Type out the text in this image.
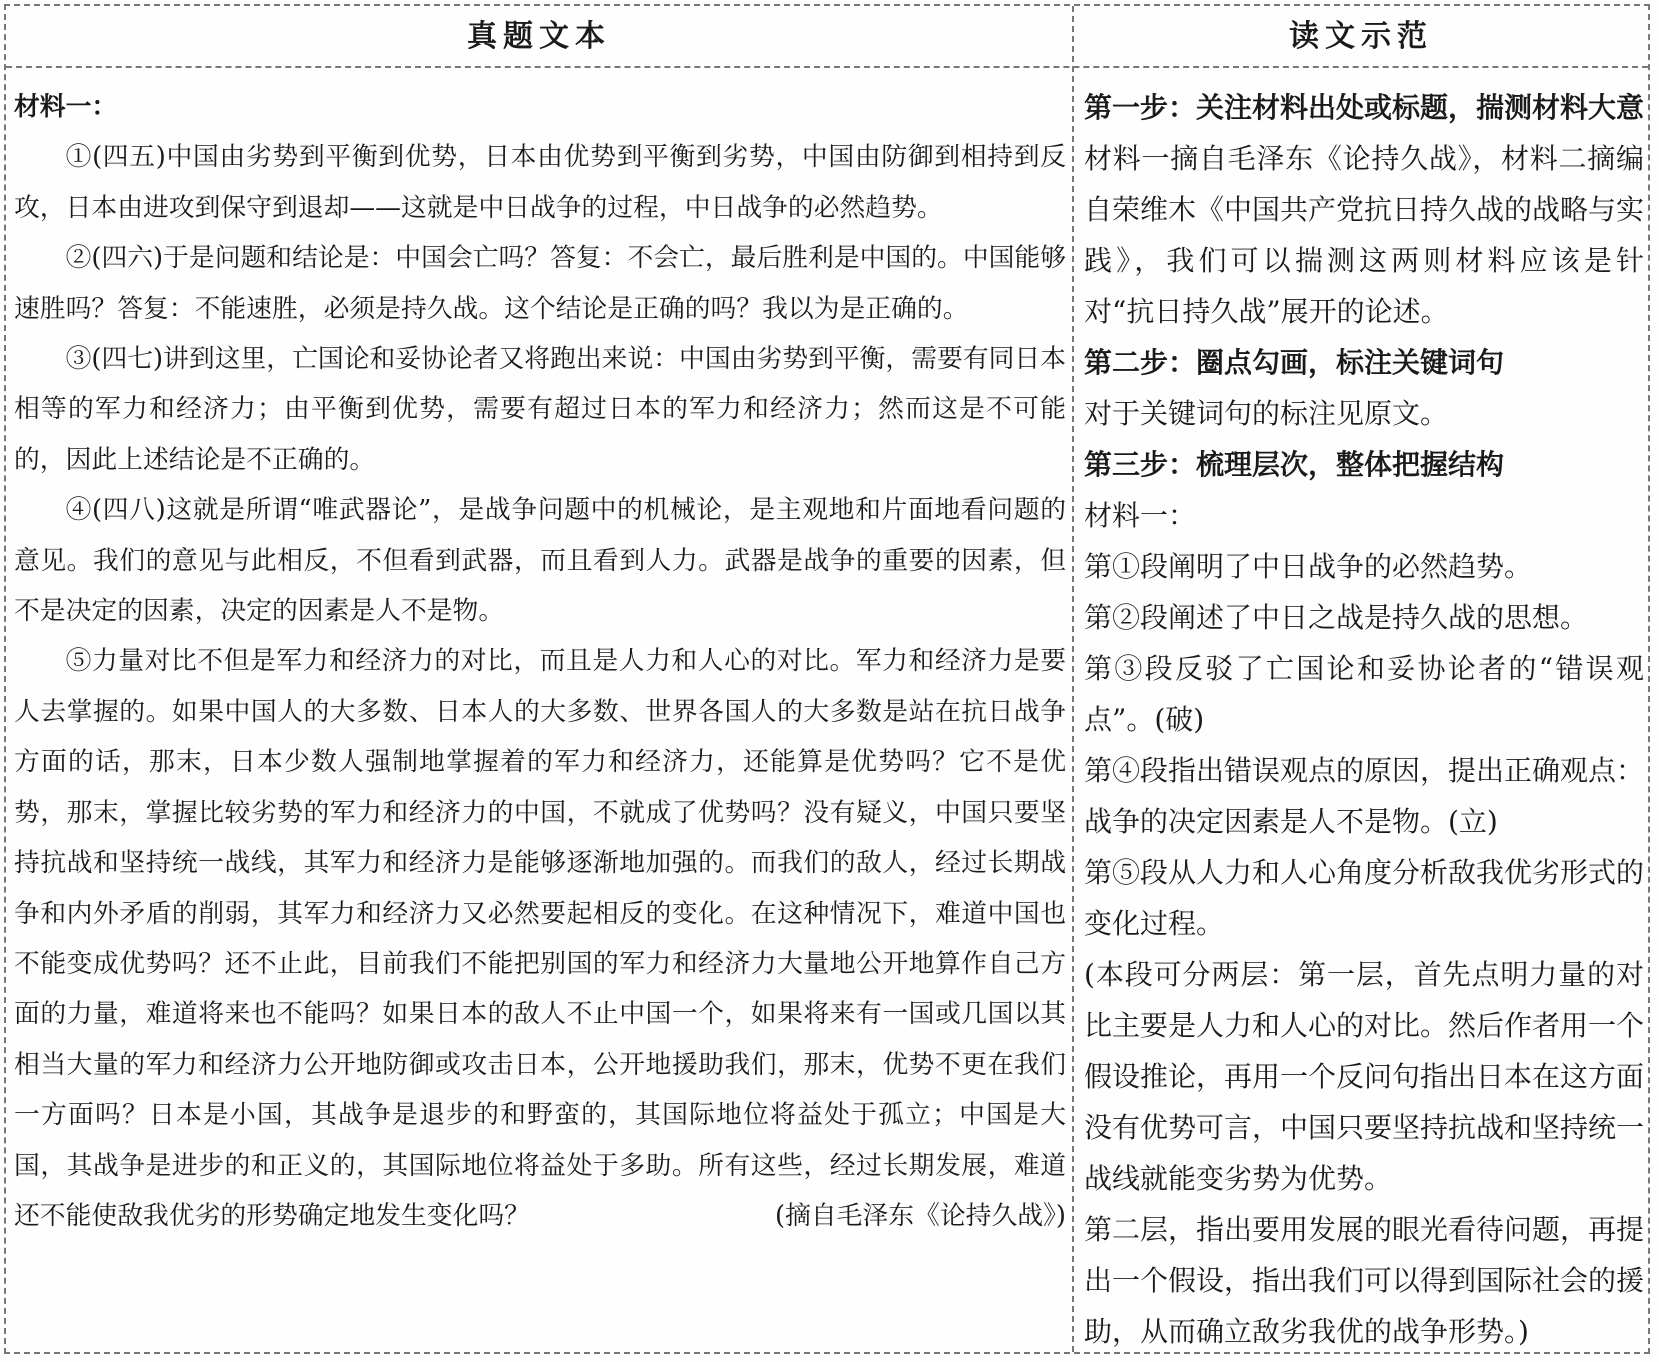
真题文本	读文示范

材料一：

①(四五)中国由劣势到平衡到优势，日本由优势到平衡到劣势，中国由防御到相持到反攻，日本由进攻到保守到退却——这就是中日战争的过程，中日战争的必然趋势。

②(四六)于是问题和结论是：中国会亡吗？答复：不会亡，最后胜利是中国的。中国能够速胜吗？答复：不能速胜，必须是持久战。这个结论是正确的吗？我以为是正确的。

③(四七)讲到这里，亡国论和妥协论者又将跑出来说：中国由劣势到平衡，需要有同日本相等的军力和经济力；由平衡到优势，需要有超过日本的军力和经济力；然而这是不可能的，因此上述结论是不正确的。

④(四八)这就是所谓“唯武器论”，是战争问题中的机械论，是主观地和片面地看问题的意见。我们的意见与此相反，不但看到武器，而且看到人力。武器是战争的重要的因素，但不是决定的因素，决定的因素是人不是物。

⑤力量对比不但是军力和经济力的对比，而且是人力和人心的对比。军力和经济力是要人去掌握的。如果中国人的大多数、日本人的大多数、世界各国人的大多数是站在抗日战争方面的话，那末，日本少数人强制地掌握着的军力和经济力，还能算是优势吗？它不是优势，那末，掌握比较劣势的军力和经济力的中国，不就成了优势吗？没有疑义，中国只要坚持抗战和坚持统一战线，其军力和经济力是能够逐渐地加强的。而我们的敌人，经过长期战争和内外矛盾的削弱，其军力和经济力又必然要起相反的变化。在这种情况下，难道中国也不能变成优势吗？还不止此，目前我们不能把别国的军力和经济力大量地公开地算作自己方面的力量，难道将来也不能吗？如果日本的敌人不止中国一个，如果将来有一国或几国以其相当大量的军力和经济力公开地防御或攻击日本，公开地援助我们，那末，优势不更在我们一方面吗？日本是小国，其战争是退步的和野蛮的，其国际地位将益处于孤立；中国是大国，其战争是进步的和正义的，其国际地位将益处于多助。所有这些，经过长期发展，难道还不能使敌我优劣的形势确定地发生变化吗？	(摘自毛泽东《论持久战》)

第一步：关注材料出处或标题，揣测材料大意

材料一摘自毛泽东《论持久战》，材料二摘编自荣维木《中国共产党抗日持久战的战略与实践》，我们可以揣测这两则材料应该是针对“抗日持久战”展开的论述。

第二步：圈点勾画，标注关键词句

对于关键词句的标注见原文。

第三步：梳理层次，整体把握结构

材料一：

第①段阐明了中日战争的必然趋势。

第②段阐述了中日之战是持久战的思想。

第③段反驳了亡国论和妥协论者的“错误观点”。(破)

第④段指出错误观点的原因，提出正确观点：战争的决定因素是人不是物。(立)

第⑤段从人力和人心角度分析敌我优劣形式的变化过程。

(本段可分两层：第一层，首先点明力量的对比主要是人力和人心的对比。然后作者用一个假设推论，再用一个反问句指出日本在这方面没有优势可言，中国只要坚持抗战和坚持统一战线就能变劣势为优势。

第二层，指出要用发展的眼光看待问题，再提出一个假设，指出我们可以得到国际社会的援助，从而确立敌劣我优的战争形势。)
